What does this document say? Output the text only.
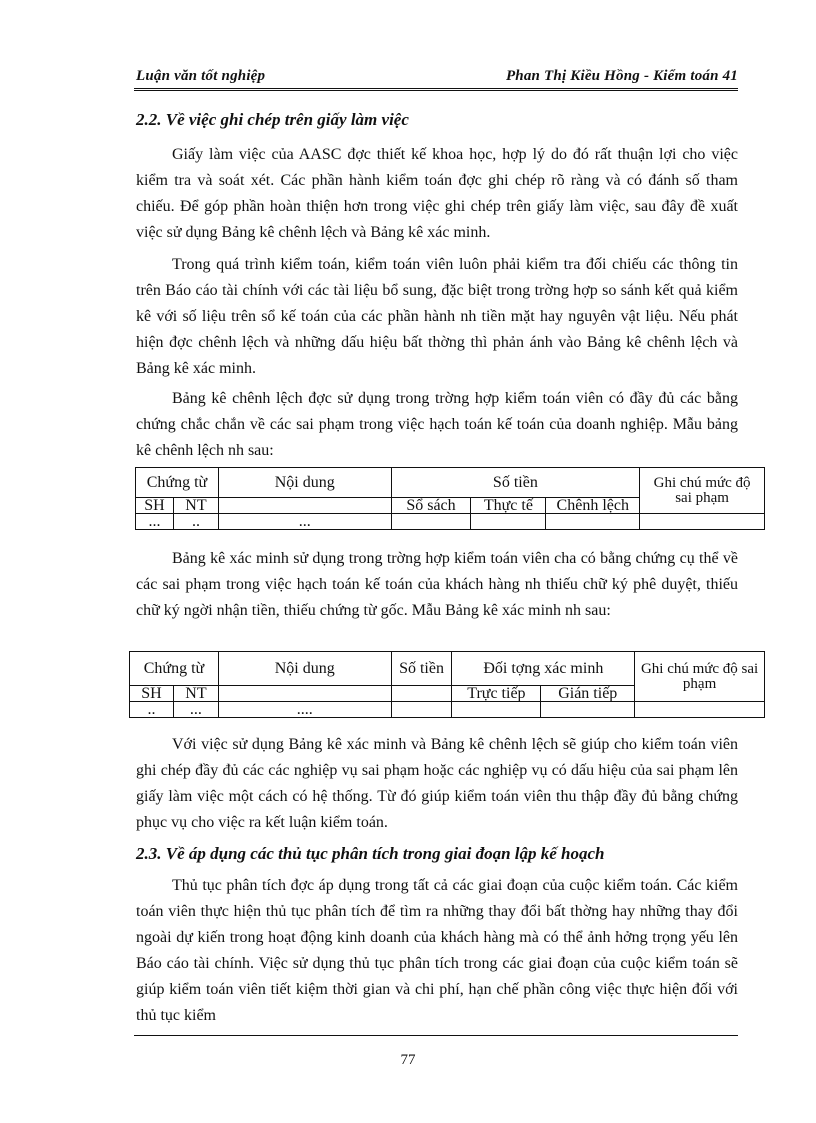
Luận văn tốt nghiệp	Phan Thị Kiều Hồng - Kiểm toán 41
2.2. Về việc ghi chép trên giấy làm việc

Giấy làm việc của AASC đợc thiết kế khoa học, hợp lý do đó rất thuận lợi cho việc kiểm tra và soát xét. Các phần hành kiểm toán đợc ghi chép rõ ràng và có đánh số tham chiếu. Để góp phần hoàn thiện hơn trong việc ghi chép trên giấy làm việc, sau đây đề xuất việc sử dụng Bảng kê chênh lệch và Bảng kê xác minh.

Trong quá trình kiểm toán, kiểm toán viên luôn phải kiểm tra đối chiếu các thông tin trên Báo cáo tài chính với các tài liệu bổ sung, đặc biệt trong trờng hợp so sánh kết quả kiểm kê với số liệu trên sổ kế toán của các phần hành nh tiền mặt hay nguyên vật liệu. Nếu phát hiện đợc chênh lệch và những dấu hiệu bất thờng thì phản ánh vào Bảng kê chênh lệch và Bảng kê xác minh.

Bảng kê chênh lệch đợc sử dụng trong trờng hợp kiểm toán viên có đầy đủ các bằng chứng chắc chắn về các sai phạm trong việc hạch toán kế toán của doanh nghiệp. Mẫu bảng kê chênh lệch nh sau:

Chứng từ		Nội dung	Số tiền			Ghi chú mức độ sai phạm
SH	NT		Sổ sách	Thực tế	Chênh lệch	
...	..	...				

Bảng kê xác minh sử dụng trong trờng hợp kiểm toán viên cha có bằng chứng cụ thể về các sai phạm trong việc hạch toán kế toán của khách hàng nh thiếu chữ ký phê duyệt, thiếu chữ ký ngời nhận tiền, thiếu chứng từ gốc. Mẫu Bảng kê xác minh nh sau:

Chứng từ		Nội dung	Số tiền	Đối tợng xác minh		Ghi chú mức độ sai phạm
SH	NT			Trực tiếp	Gián tiếp	
..	...	....				

Với việc sử dụng Bảng kê xác minh và Bảng kê chênh lệch sẽ giúp cho kiểm toán viên ghi chép đầy đủ các các nghiệp vụ sai phạm hoặc các nghiệp vụ có dấu hiệu của sai phạm lên giấy làm việc một cách có hệ thống. Từ đó giúp kiểm toán viên thu thập đầy đủ bằng chứng phục vụ cho việc ra kết luận kiểm toán.

2.3. Về áp dụng các thủ tục phân tích trong giai đoạn lập kế hoạch

Thủ tục phân tích đợc áp dụng trong tất cả các giai đoạn của cuộc kiểm toán. Các kiểm toán viên thực hiện thủ tục phân tích để tìm ra những thay đổi bất thờng hay những thay đổi ngoài dự kiến trong hoạt động kinh doanh của khách hàng mà có thể ảnh hởng trọng yếu lên Báo cáo tài chính. Việc sử dụng thủ tục phân tích trong các giai đoạn của cuộc kiểm toán sẽ giúp kiểm toán viên tiết kiệm thời gian và chi phí, hạn chế phần công việc thực hiện đối với thủ tục kiểm

77
